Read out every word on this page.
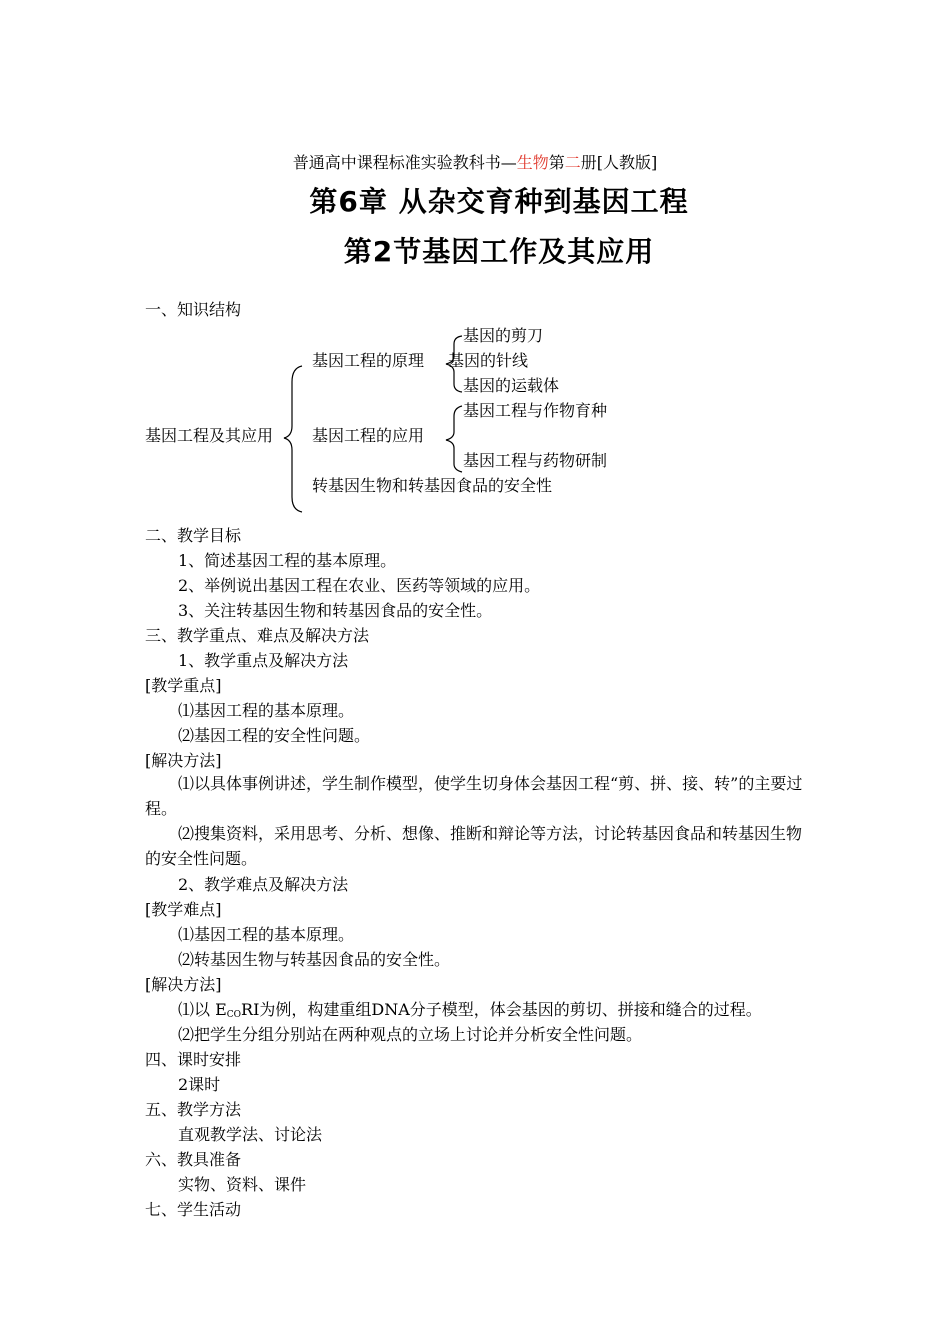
普通高中课程标准实验教科书—生物第二册[人教版]
第6章 从杂交育种到基因工程
第2节基因工作及其应用
一、知识结构
基因工程及其应用
基因工程的原理
基因的剪刀
基因的针线
基因的运载体
基因工程的应用
基因工程与作物育种
基因工程与药物研制
转基因生物和转基因食品的安全性
二、教学目标
1、简述基因工程的基本原理。
2、举例说出基因工程在农业、医药等领域的应用。
3、关注转基因生物和转基因食品的安全性。
三、教学重点、难点及解决方法
1、教学重点及解决方法
[教学重点]
⑴基因工程的基本原理。
⑵基因工程的安全性问题。
[解决方法]
⑴以具体事例讲述，学生制作模型，使学生切身体会基因工程“剪、拼、接、转”的主要过程。
⑵搜集资料，采用思考、分析、想像、推断和辩论等方法，讨论转基因食品和转基因生物的安全性问题。
2、教学难点及解决方法
[教学难点]
⑴基因工程的基本原理。
⑵转基因生物与转基因食品的安全性。
[解决方法]
⑴以 $E_{CO}RI$为例，构建重组DNA分子模型，体会基因的剪切、拼接和缝合的过程。
⑵把学生分组分别站在两种观点的立场上讨论并分析安全性问题。
四、课时安排
2课时
五、教学方法
直观教学法、讨论法
六、教具准备
实物、资料、课件
七、学生活动
